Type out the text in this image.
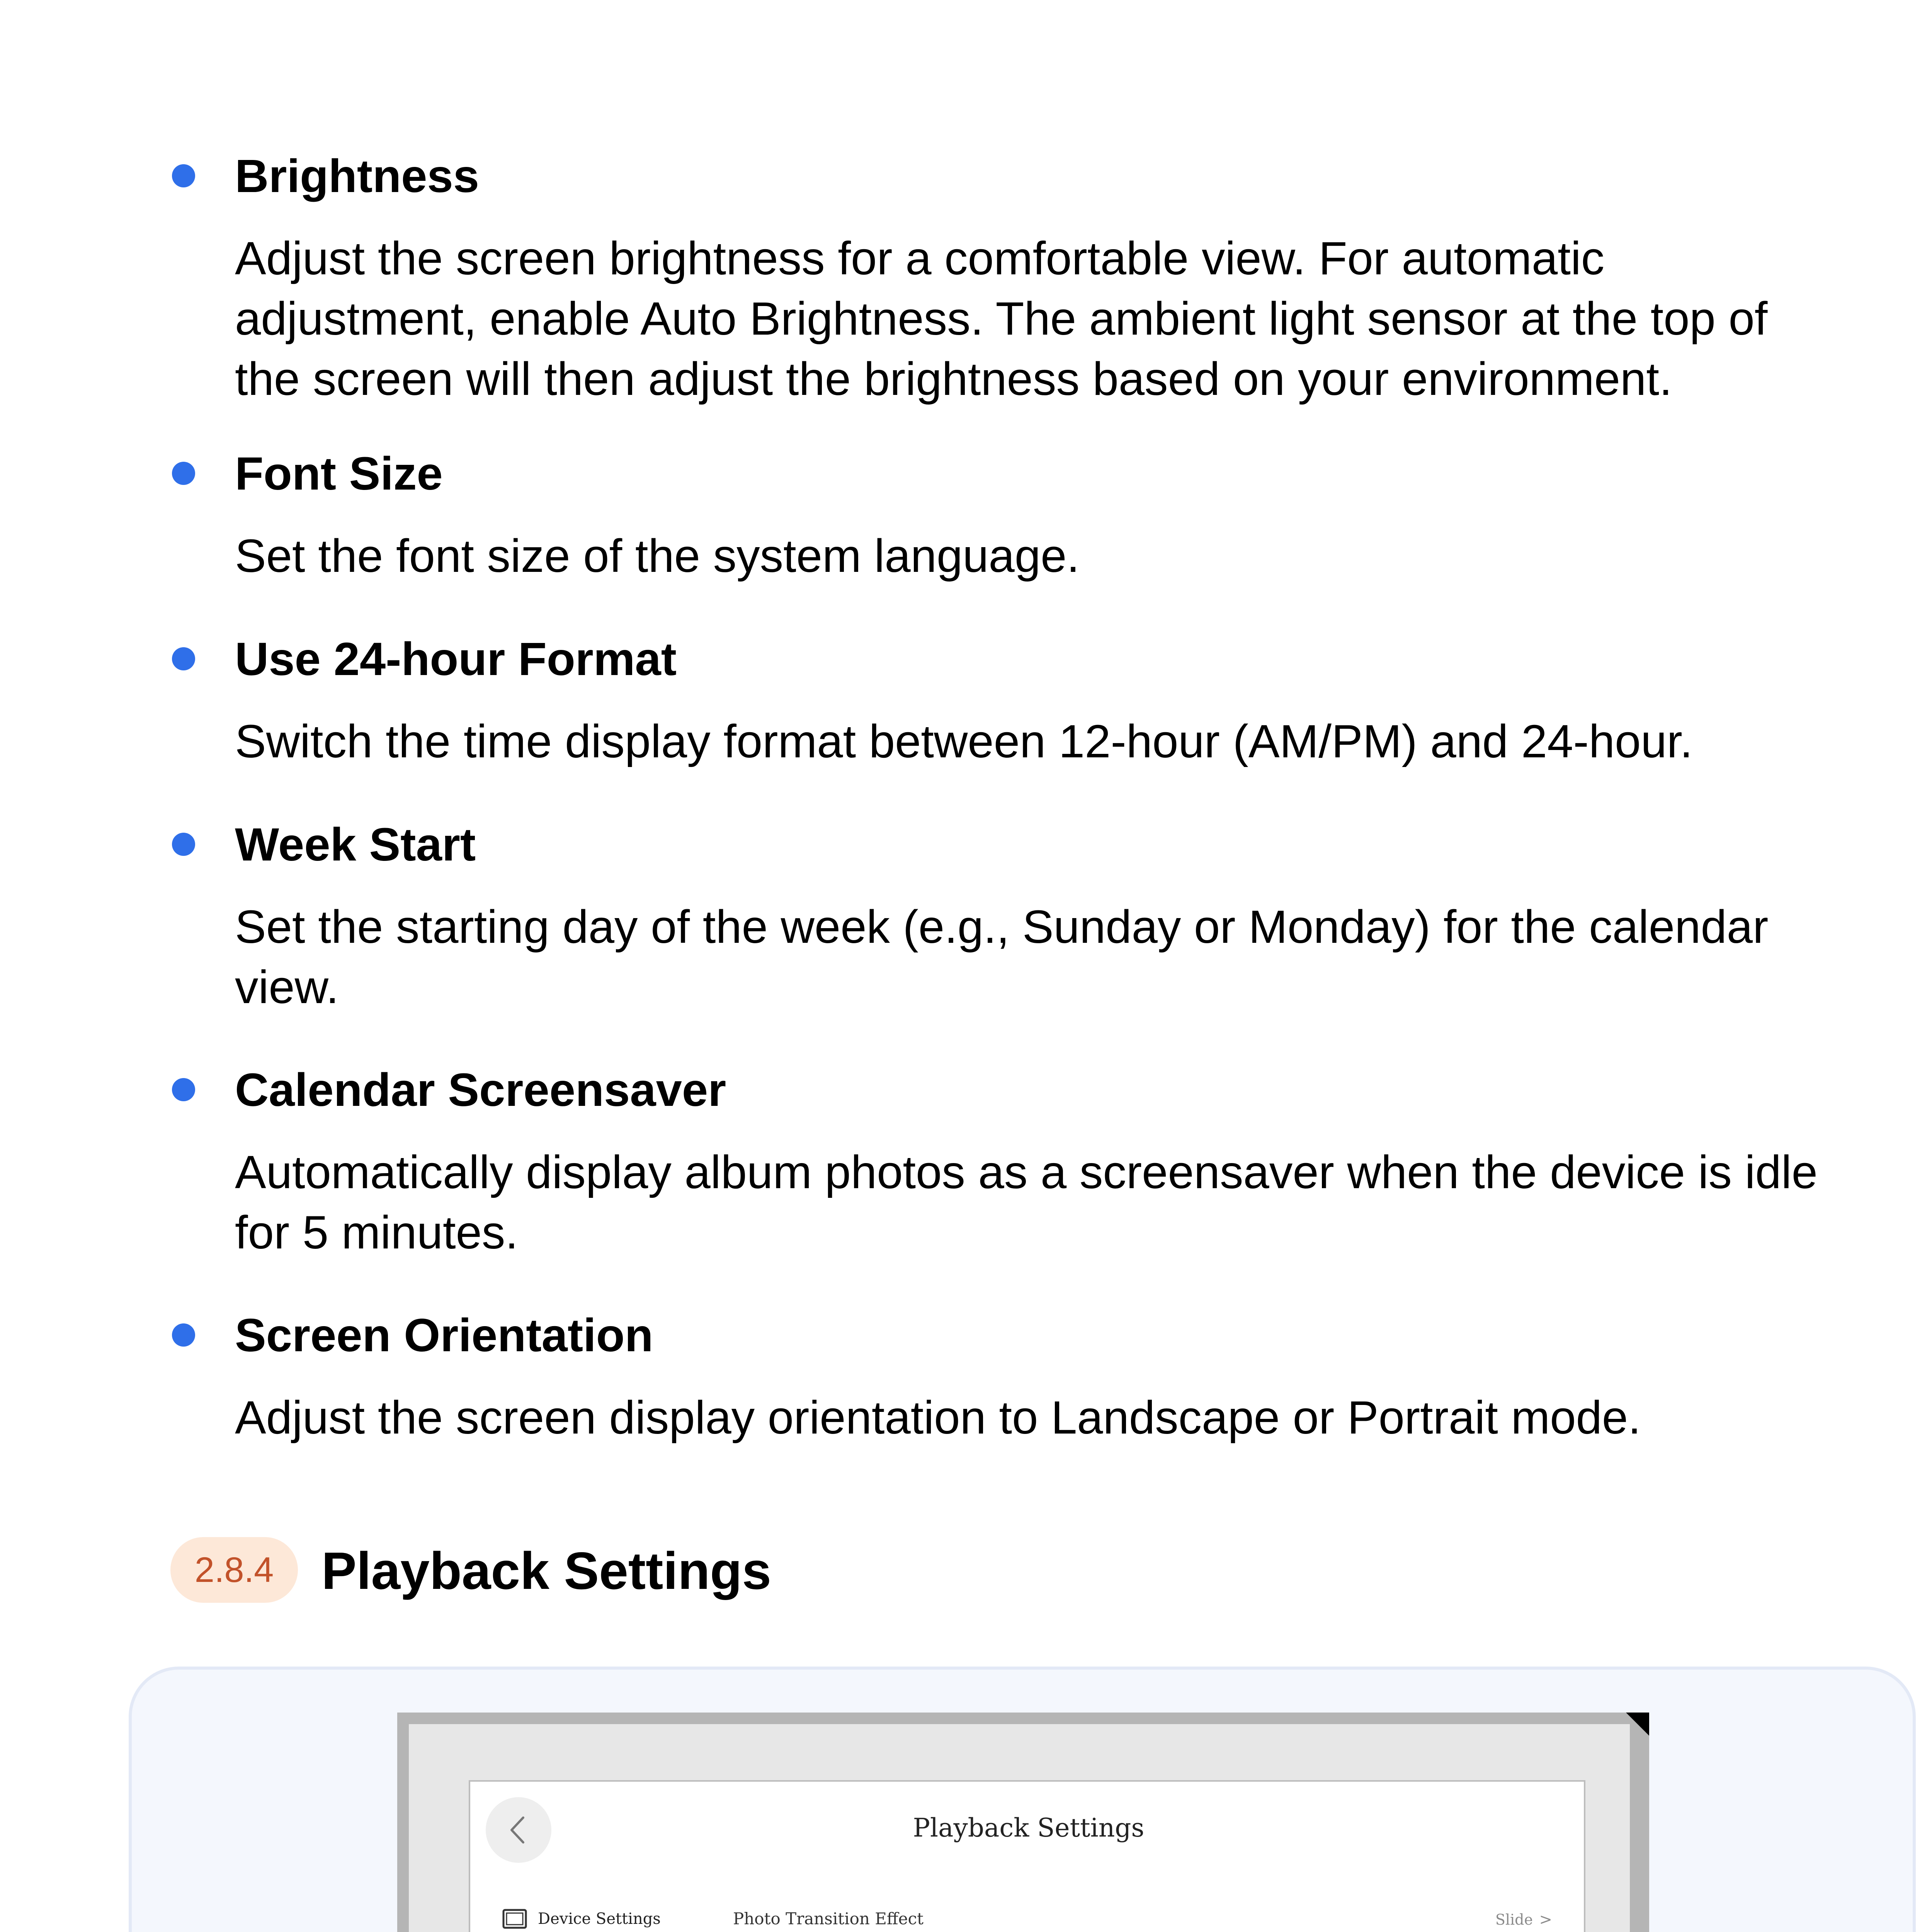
Brightness

Adjust the screen brightness for a comfortable view. For automatic adjustment, enable Auto Brightness. The ambient light sensor at the top of the screen will then adjust the brightness based on your environment.

Font Size

Set the font size of the system language.

Use 24-hour Format

Switch the time display format between 12-hour (AM/PM) and 24-hour.

Week Start

Set the starting day of the week (e.g., Sunday or Monday) for the calendar view.

Calendar Screensaver

Automatically display album photos as a screensaver when the device is idle for 5 minutes.

Screen Orientation

Adjust the screen display orientation to Landscape or Portrait mode.

2.8.4 Playback Settings
Playback Settings
Device Settings	Photo Transition Effect	Slide >
